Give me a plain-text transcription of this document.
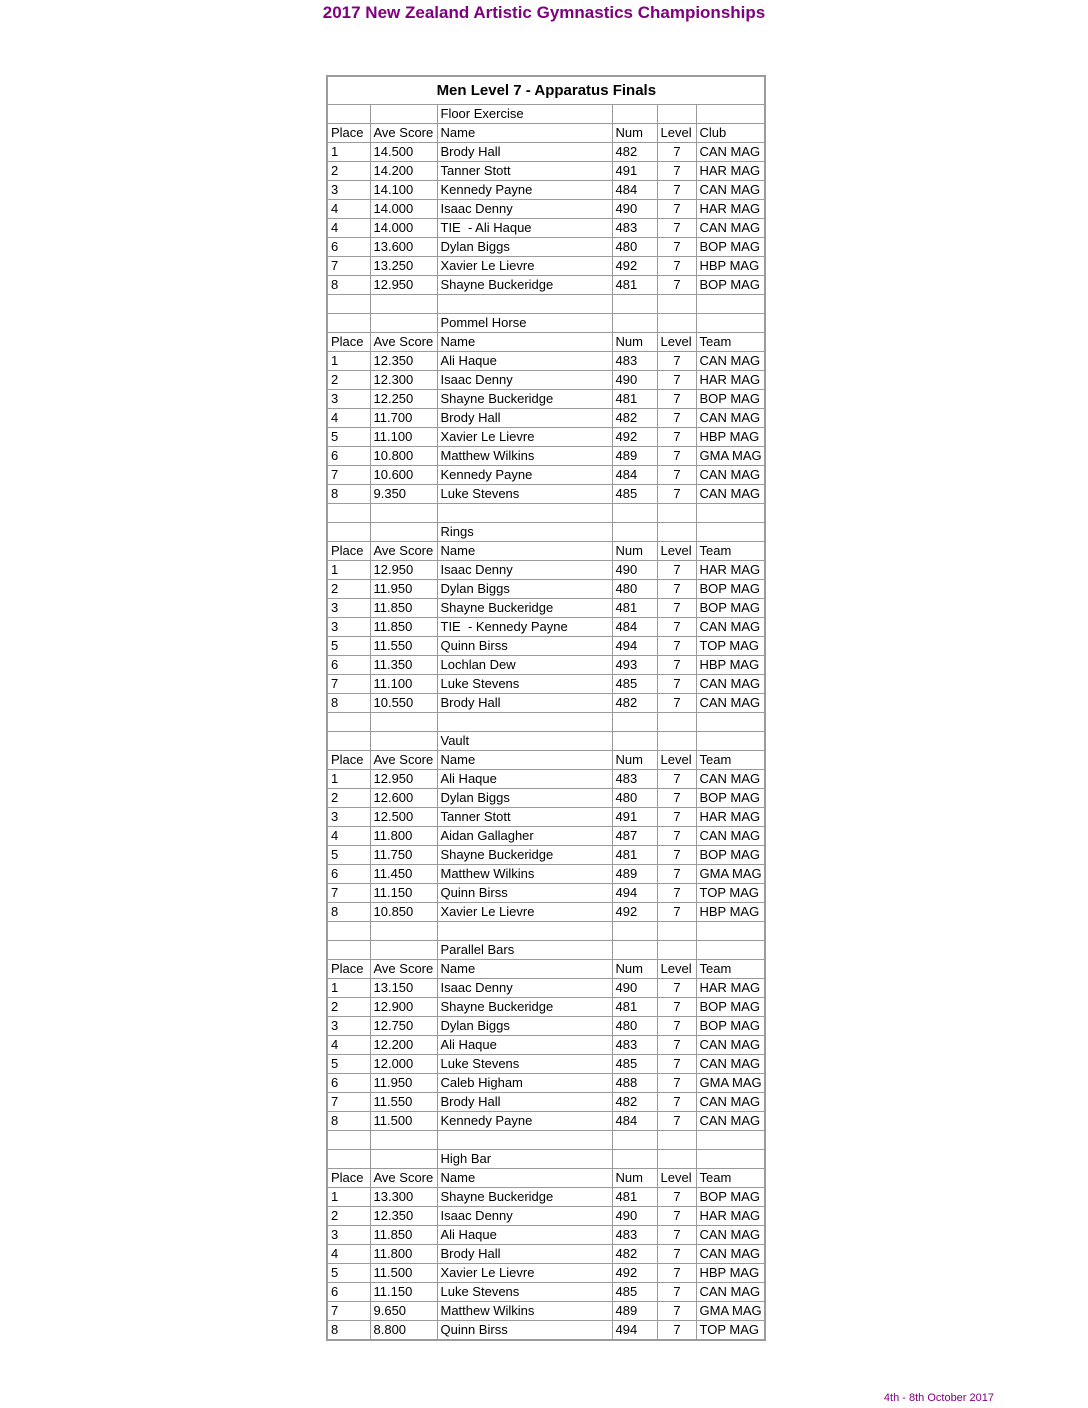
2017 New Zealand Artistic Gymnastics Championships
Men Level 7 - Apparatus Finals					
		Floor Exercise			
Place	Ave Score	Name	Num	Level	Club
1	14.500	Brody Hall	482	7	CAN MAG
2	14.200	Tanner Stott	491	7	HAR MAG
3	14.100	Kennedy Payne	484	7	CAN MAG
4	14.000	Isaac Denny	490	7	HAR MAG
4	14.000	TIE  - Ali Haque	483	7	CAN MAG
6	13.600	Dylan Biggs	480	7	BOP MAG
7	13.250	Xavier Le Lievre	492	7	HBP MAG
8	12.950	Shayne Buckeridge	481	7	BOP MAG

		Pommel Horse			
Place	Ave Score	Name	Num	Level	Team
1	12.350	Ali Haque	483	7	CAN MAG
2	12.300	Isaac Denny	490	7	HAR MAG
3	12.250	Shayne Buckeridge	481	7	BOP MAG
4	11.700	Brody Hall	482	7	CAN MAG
5	11.100	Xavier Le Lievre	492	7	HBP MAG
6	10.800	Matthew Wilkins	489	7	GMA MAG
7	10.600	Kennedy Payne	484	7	CAN MAG
8	9.350	Luke Stevens	485	7	CAN MAG

		Rings			
Place	Ave Score	Name	Num	Level	Team
1	12.950	Isaac Denny	490	7	HAR MAG
2	11.950	Dylan Biggs	480	7	BOP MAG
3	11.850	Shayne Buckeridge	481	7	BOP MAG
3	11.850	TIE  - Kennedy Payne	484	7	CAN MAG
5	11.550	Quinn Birss	494	7	TOP MAG
6	11.350	Lochlan Dew	493	7	HBP MAG
7	11.100	Luke Stevens	485	7	CAN MAG
8	10.550	Brody Hall	482	7	CAN MAG

		Vault			
Place	Ave Score	Name	Num	Level	Team
1	12.950	Ali Haque	483	7	CAN MAG
2	12.600	Dylan Biggs	480	7	BOP MAG
3	12.500	Tanner Stott	491	7	HAR MAG
4	11.800	Aidan Gallagher	487	7	CAN MAG
5	11.750	Shayne Buckeridge	481	7	BOP MAG
6	11.450	Matthew Wilkins	489	7	GMA MAG
7	11.150	Quinn Birss	494	7	TOP MAG
8	10.850	Xavier Le Lievre	492	7	HBP MAG

		Parallel Bars			
Place	Ave Score	Name	Num	Level	Team
1	13.150	Isaac Denny	490	7	HAR MAG
2	12.900	Shayne Buckeridge	481	7	BOP MAG
3	12.750	Dylan Biggs	480	7	BOP MAG
4	12.200	Ali Haque	483	7	CAN MAG
5	12.000	Luke Stevens	485	7	CAN MAG
6	11.950	Caleb Higham	488	7	GMA MAG
7	11.550	Brody Hall	482	7	CAN MAG
8	11.500	Kennedy Payne	484	7	CAN MAG

		High Bar			
Place	Ave Score	Name	Num	Level	Team
1	13.300	Shayne Buckeridge	481	7	BOP MAG
2	12.350	Isaac Denny	490	7	HAR MAG
3	11.850	Ali Haque	483	7	CAN MAG
4	11.800	Brody Hall	482	7	CAN MAG
5	11.500	Xavier Le Lievre	492	7	HBP MAG
6	11.150	Luke Stevens	485	7	CAN MAG
7	9.650	Matthew Wilkins	489	7	GMA MAG
8	8.800	Quinn Birss	494	7	TOP MAG
4th - 8th October 2017
